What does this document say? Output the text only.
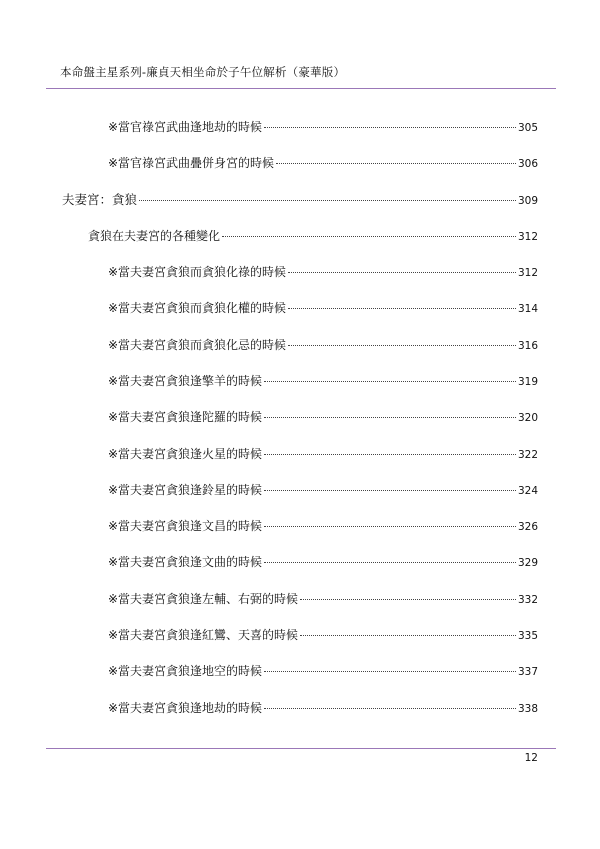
本命盤主星系列-廉貞天相坐命於子午位解析（豪華版）
※當官祿宮武曲逢地劫的時候	305
※當官祿宮武曲疊併身宮的時候	306
夫妻宮：貪狼	309
貪狼在夫妻宮的各種變化	312
※當夫妻宮貪狼而貪狼化祿的時候	312
※當夫妻宮貪狼而貪狼化權的時候	314
※當夫妻宮貪狼而貪狼化忌的時候	316
※當夫妻宮貪狼逢擎羊的時候	319
※當夫妻宮貪狼逢陀羅的時候	320
※當夫妻宮貪狼逢火星的時候	322
※當夫妻宮貪狼逢鈴星的時候	324
※當夫妻宮貪狼逢文昌的時候	326
※當夫妻宮貪狼逢文曲的時候	329
※當夫妻宮貪狼逢左輔、右弼的時候	332
※當夫妻宮貪狼逢紅鸞、天喜的時候	335
※當夫妻宮貪狼逢地空的時候	337
※當夫妻宮貪狼逢地劫的時候	338
12
